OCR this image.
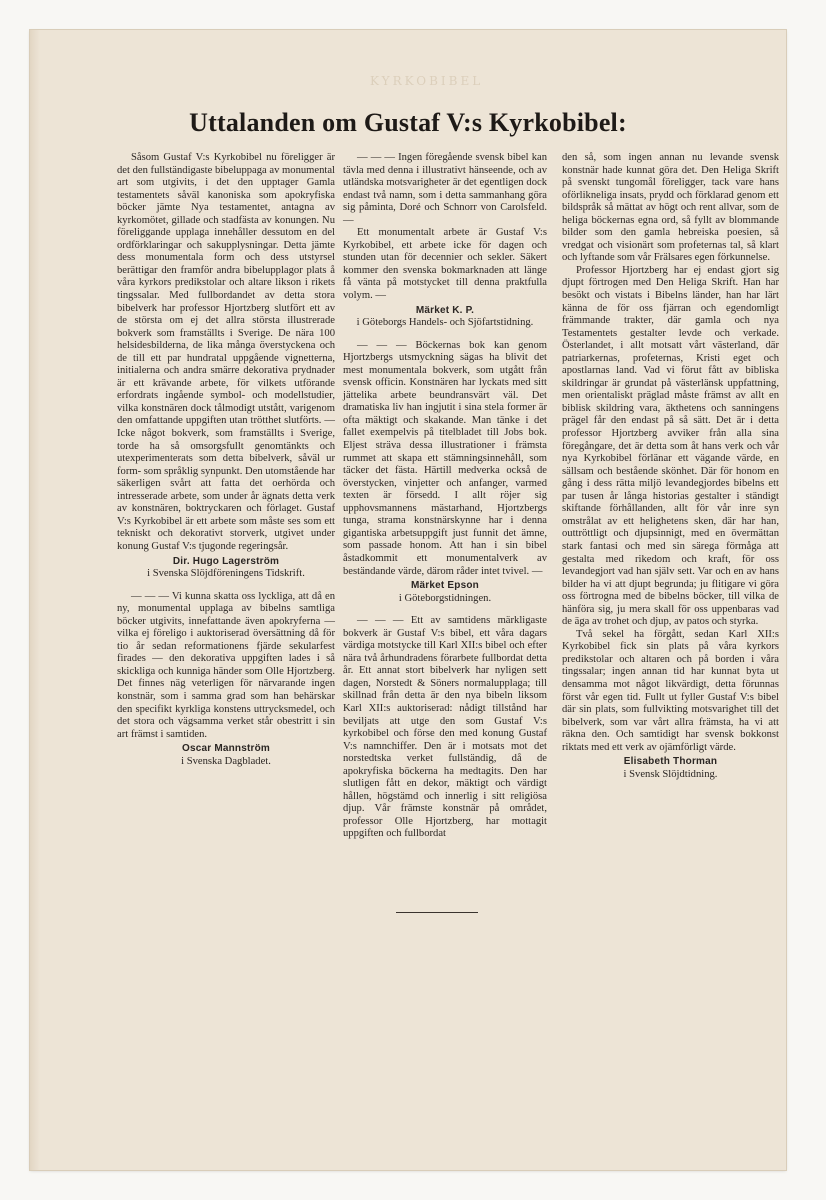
KYRKOBIBEL
Uttalanden om Gustaf V:s Kyrkobibel:

Såsom Gustaf V:s Kyrkobibel nu föreligger är det den fullständigaste bibeluppaga av monumental art som utgivits, i det den upptager Gamla testamentets såväl kanoniska som apokryfiska böcker jämte Nya testamentet, antagna av kyrkomötet, gillade och stadfästa av konungen. Nu föreliggande upplaga innehåller dessutom en del ordförklaringar och sakupplysningar. Detta jämte dess monumentala form och dess utstyrsel berättigar den framför andra bibelupplagor plats å våra kyrkors predikstolar och altare likson i rikets tingssalar. Med fullbordandet av detta stora bibelverk har professor Hjortzberg slutfört ett av de största om ej det allra största illustrerade bokverk som framställts i Sverige. De nära 100 helsidesbilderna, de lika många överstyckena och de till ett par hundratal uppgående vignetterna, initialerna och andra smärre dekorativa prydnader är ett krävande arbete, för vilkets utförande erfordrats ingående symbol- och modellstudier, vilka konstnären dock tålmodigt utstått, varigenom den omfattande uppgiften utan trötthet slutförts. — Icke något bokverk, som framställts i Sverige, torde ha så omsorgsfullt genomtänkts och utexperimenterats som detta bibelverk, såväl ur form- som språklig synpunkt. Den utomstående har säkerligen svårt att fatta det oerhörda och intresserade arbete, som under år ägnats detta verk av konstnären, boktryckaren och förlaget. Gustaf V:s Kyrkobibel är ett arbete som måste ses som ett tekniskt och dekorativt storverk, utgivet under konung Gustaf V:s tjugonde regeringsår.

Dir. Hugo Lagerström
i Svenska Slöjdföreningens Tidskrift.

— — — Vi kunna skatta oss lyckliga, att då en ny, monumental upplaga av bibelns samtliga böcker utgivits, innefattande även apokryferna — vilka ej föreligo i auktoriserad översättning då för tio år sedan reformationens fjärde sekularfest firades — den dekorativa uppgiften lades i så skickliga och kunniga händer som Olle Hjortzberg. Det finnes näg veterligen för närvarande ingen konstnär, som i samma grad som han behärskar den specifikt kyrkliga konstens uttrycksmedel, och det stora och vägsamma verket står obestritt i sin art främst i samtiden.

Oscar Mannström
i Svenska Dagbladet.

— — — Ingen föregående svensk bibel kan tävla med denna i illustrativt hänseende, och av utländska motsvarigheter är det egentligen dock endast två namn, som i detta sammanhang göra sig påminta, Doré och Schnorr von Carolsfeld. —

Ett monumentalt arbete är Gustaf V:s Kyrkobibel, ett arbete icke för dagen och stunden utan för decennier och sekler. Säkert kommer den svenska bokmarknaden att länge få vänta på motstycket till denna praktfulla volym. —

Märket K. P.
i Göteborgs Handels- och Sjöfartstidning.

— — — Böckernas bok kan genom Hjortzbergs utsmyckning sägas ha blivit det mest monumentala bokverk, som utgått från svensk officin. Konstnären har lyckats med sitt jättelika arbete beundransvärt väl. Det dramatiska liv han ingjutit i sina stela former är ofta mäktigt och skakande. Man tänke i det fallet exempelvis på titelbladet till Jobs bok. Eljest sträva dessa illustrationer i främsta rummet att skapa ett stämningsinnehåll, som täcker det fästa. Härtill medverka också de överstycken, vinjetter och anfanger, varmed texten är försedd. I allt röjer sig upphovsmannens mästarhand, Hjortzbergs tunga, strama konstnärskynne har i denna gigantiska arbetsuppgift just funnit det ämne, som passade honom. Att han i sin bibel åstadkommit ett monumentalverk av beständande värde, därom råder intet tvivel. —

Märket Epson
i Göteborgstidningen.

— — — Ett av samtidens märkligaste bokverk är Gustaf V:s bibel, ett våra dagars värdiga motstycke till Karl XII:s bibel och efter nära två århundradens förarbete fullbordat detta år. Ett annat stort bibelverk har nyligen sett dagen, Norstedt & Söners normalupplaga; till skillnad från detta är den nya bibeln liksom Karl XII:s auktoriserad: nådigt tillstånd har beviljats att utge den som Gustaf V:s kyrkobibel och förse den med konung Gustaf V:s namnchiffer. Den är i motsats mot det norstedtska verket fullständig, då de apokryfiska böckerna ha medtagits. Den har slutligen fått en dekor, mäktigt och värdigt hållen, högstämd och innerlig i sitt religiösa djup. Vår främste konstnär på området, professor Olle Hjortzberg, har mottagit uppgiften och fullbordat

den så, som ingen annan nu levande svensk konstnär hade kunnat göra det. Den Heliga Skrift på svenskt tungomål föreligger, tack vare hans oförlikneliga insats, prydd och förklarad genom ett bildspråk så mättat av högt och rent allvar, som de heliga böckernas egna ord, så fyllt av blommande bilder som den gamla hebreiska poesien, så vredgat och visionärt som profeternas tal, så klart och lyftande som vår Frälsares egen förkunnelse.

Professor Hjortzberg har ej endast gjort sig djupt förtrogen med Den Heliga Skrift. Han har besökt och vistats i Bibelns länder, han har lärt känna de för oss fjärran och egendomligt främmande trakter, där gamla och nya Testamentets gestalter levde och verkade. Österlandet, i allt motsatt vårt västerland, där patriarkernas, profeternas, Kristi eget och apostlarnas land. Vad vi förut fått av bibliska skildringar är grundat på västerlänsk uppfattning, men orientaliskt präglad måste främst av allt en biblisk skildring vara, äkthetens och sanningens prägel får den endast på så sätt. Det är i detta professor Hjortzberg avviker från alla sina föregångare, det är detta som åt hans verk och vår nya Kyrkobibel förlänar ett vägande värde, en sällsam och bestående skönhet. Där för honom en gång i dess rätta miljö levandegjordes bibelns ett par tusen år långa historias gestalter i ständigt skiftande förhållanden, allt för vår inre syn omstrålat av ett helighetens sken, där har han, outtröttligt och djupsinnigt, med en övermättan stark fantasi och med sin särega förmåga att gestalta med rikedom och kraft, för oss levandegjort vad han själv sett. Var och en av hans bilder ha vi att djupt begrunda; ju flitigare vi göra oss förtrogna med de bibelns böcker, till vilka de hänföra sig, ju mera skall för oss uppenbaras vad de äga av trohet och djup, av patos och styrka.

Två sekel ha förgått, sedan Karl XII:s Kyrkobibel fick sin plats på våra kyrkors predikstolar och altaren och på borden i våra tingssalar; ingen annan tid har kunnat byta ut densamma mot något likvärdigt, detta förunnas först vår egen tid. Fullt ut fyller Gustaf V:s bibel där sin plats, som fullvikting motsvarighet till det bibelverk, som var vårt allra främsta, ha vi att räkna den. Och samtidigt har svensk bokkonst riktats med ett verk av ojämförligt värde.

Elisabeth Thorman
i Svensk Slöjdtidning.
